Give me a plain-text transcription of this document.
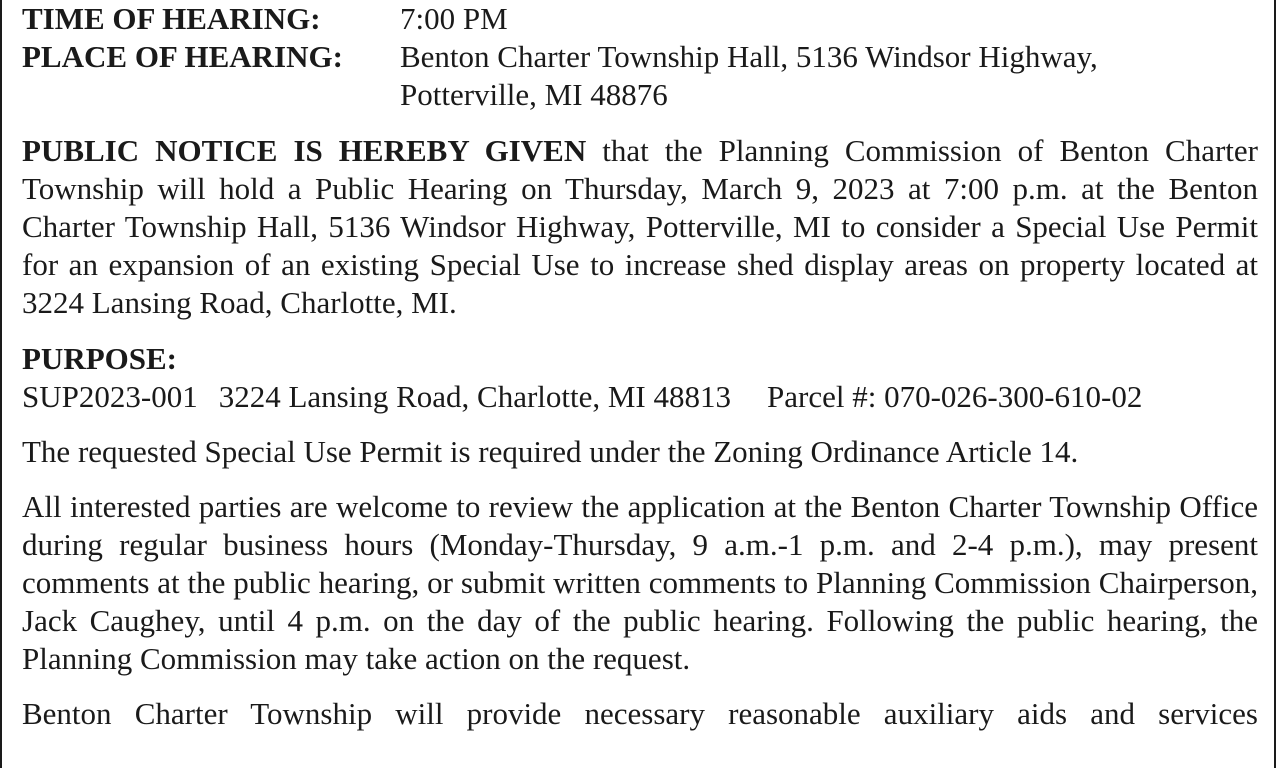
TIME OF HEARING:	7:00 PM
PLACE OF HEARING:	Benton Charter Township Hall, 5136 Windsor Highway,
Potterville, MI 48876

PUBLIC NOTICE IS HEREBY GIVEN that the Planning Commission of Benton Charter Township will hold a Public Hearing on Thursday, March 9, 2023 at 7:00 p.m. at the Benton Charter Township Hall, 5136 Windsor Highway, Potterville, MI to consider a Special Use Permit for an expansion of an existing Special Use to increase shed display areas on property located at 3224 Lansing Road, Charlotte, MI.

PURPOSE:
SUP2023-001 3224 Lansing Road, Charlotte, MI 48813 Parcel #: 070-026-300-610-02

The requested Special Use Permit is required under the Zoning Ordinance Article 14.

All interested parties are welcome to review the application at the Benton Charter Township Office during regular business hours (Monday-Thursday, 9 a.m.-1 p.m. and 2-4 p.m.), may present comments at the public hearing, or submit written comments to Planning Commission Chairperson, Jack Caughey, until 4 p.m. on the day of the public hearing. Following the public hearing, the Planning Commission may take action on the request.

Benton Charter Township will provide necessary reasonable auxiliary aids and services
